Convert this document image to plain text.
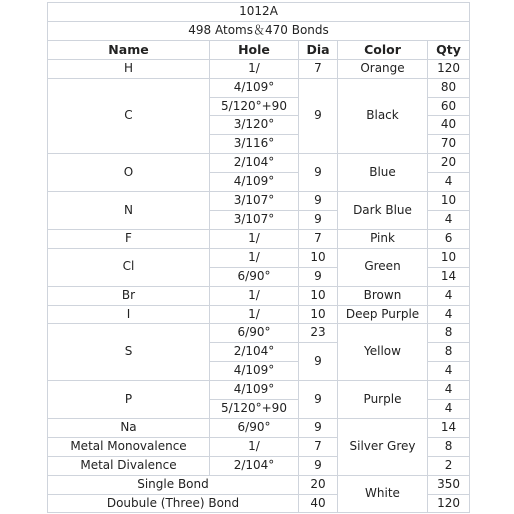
1012A				
498 Atoms＆470 Bonds				
Name	Hole	Dia	Color	Qty
H	1/	7	Orange	120
C	4/109°	9	Black	80
	5/120°+90			60
	3/120°			40
	3/116°			70
O	2/104°	9	Blue	20
	4/109°			4
N	3/107°	9	Dark Blue	10
	3/107°	9		4
F	1/	7	Pink	6
Cl	1/	10	Green	10
	6/90°	9		14
Br	1/	10	Brown	4
I	1/	10	Deep Purple	4
S	6/90°	23	Yellow	8
	2/104°	9		8
	4/109°			4
P	4/109°	9	Purple	4
	5/120°+90			4
Na	6/90°	9	Silver Grey	14
Metal Monovalence	1/	7		8
Metal Divalence	2/104°	9		2
Single Bond		20	White	350
Doubule (Three) Bond		40		120
